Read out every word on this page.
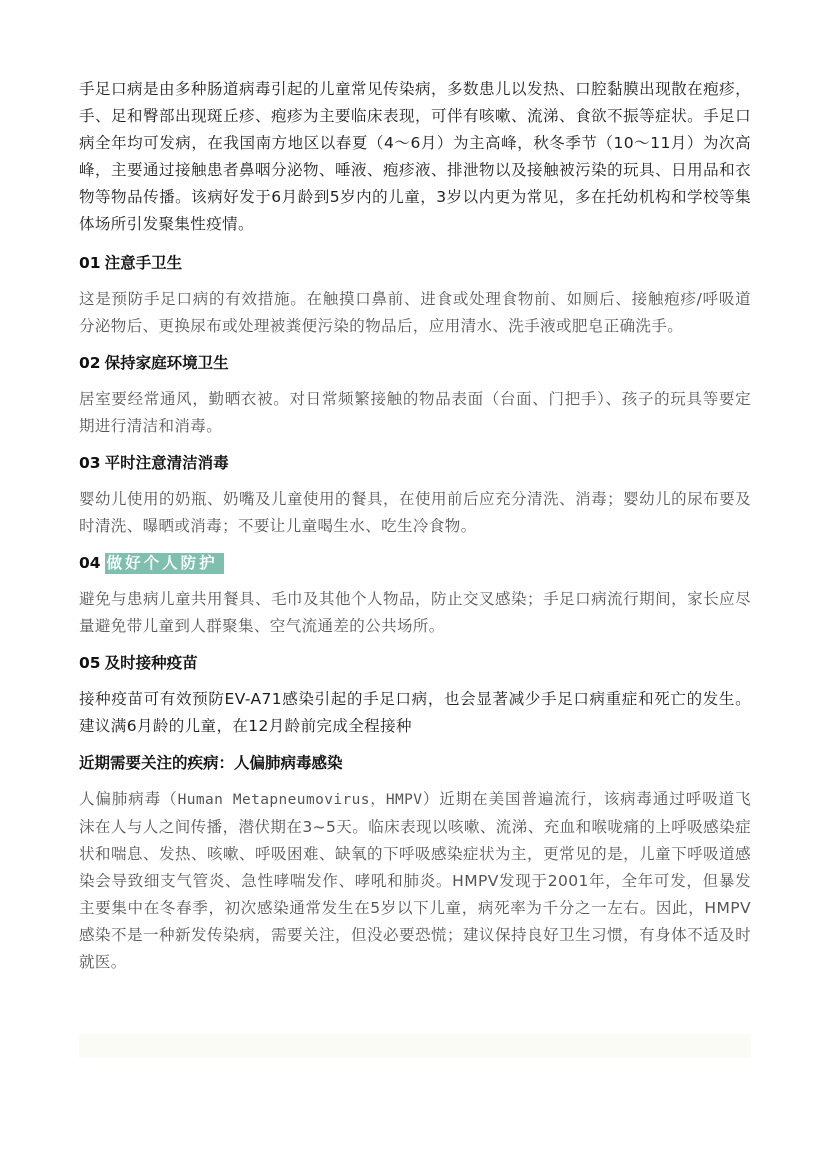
手足口病是由多种肠道病毒引起的儿童常见传染病，多数患儿以发热、口腔黏膜出现散在疱疹，手、足和臀部出现斑丘疹、疱疹为主要临床表现，可伴有咳嗽、流涕、食欲不振等症状。手足口病全年均可发病，在我国南方地区以春夏（4～6月）为主高峰，秋冬季节（10～11月）为次高峰，主要通过接触患者鼻咽分泌物、唾液、疱疹液、排泄物以及接触被污染的玩具、日用品和衣物等物品传播。该病好发于6月龄到5岁内的儿童，3岁以内更为常见，多在托幼机构和学校等集体场所引发聚集性疫情。

01 注意手卫生

这是预防手足口病的有效措施。在触摸口鼻前、进食或处理食物前、如厕后、接触疱疹/呼吸道分泌物后、更换尿布或处理被粪便污染的物品后，应用清水、洗手液或肥皂正确洗手。

02 保持家庭环境卫生

居室要经常通风，勤晒衣被。对日常频繁接触的物品表面（台面、门把手）、孩子的玩具等要定期进行清洁和消毒。

03 平时注意清洁消毒

婴幼儿使用的奶瓶、奶嘴及儿童使用的餐具，在使用前后应充分清洗、消毒；婴幼儿的尿布要及时清洗、曝晒或消毒；不要让儿童喝生水、吃生冷食物。

04 做好个人防护

避免与患病儿童共用餐具、毛巾及其他个人物品，防止交叉感染；手足口病流行期间，家长应尽量避免带儿童到人群聚集、空气流通差的公共场所。

05 及时接种疫苗

接种疫苗可有效预防EV-A71感染引起的手足口病，也会显著减少手足口病重症和死亡的发生。建议满6月龄的儿童，在12月龄前完成全程接种

近期需要关注的疾病：人偏肺病毒感染

人偏肺病毒（Human Metapneumovirus，HMPV）近期在美国普遍流行，该病毒通过呼吸道飞沫在人与人之间传播，潜伏期在3~5天。临床表现以咳嗽、流涕、充血和喉咙痛的上呼吸感染症状和喘息、发热、咳嗽、呼吸困难、缺氧的下呼吸感染症状为主，更常见的是，儿童下呼吸道感染会导致细支气管炎、急性哮喘发作、哮吼和肺炎。HMPV发现于2001年，全年可发，但暴发主要集中在冬春季，初次感染通常发生在5岁以下儿童，病死率为千分之一左右。因此，HMPV感染不是一种新发传染病，需要关注，但没必要恐慌；建议保持良好卫生习惯，有身体不适及时就医。
